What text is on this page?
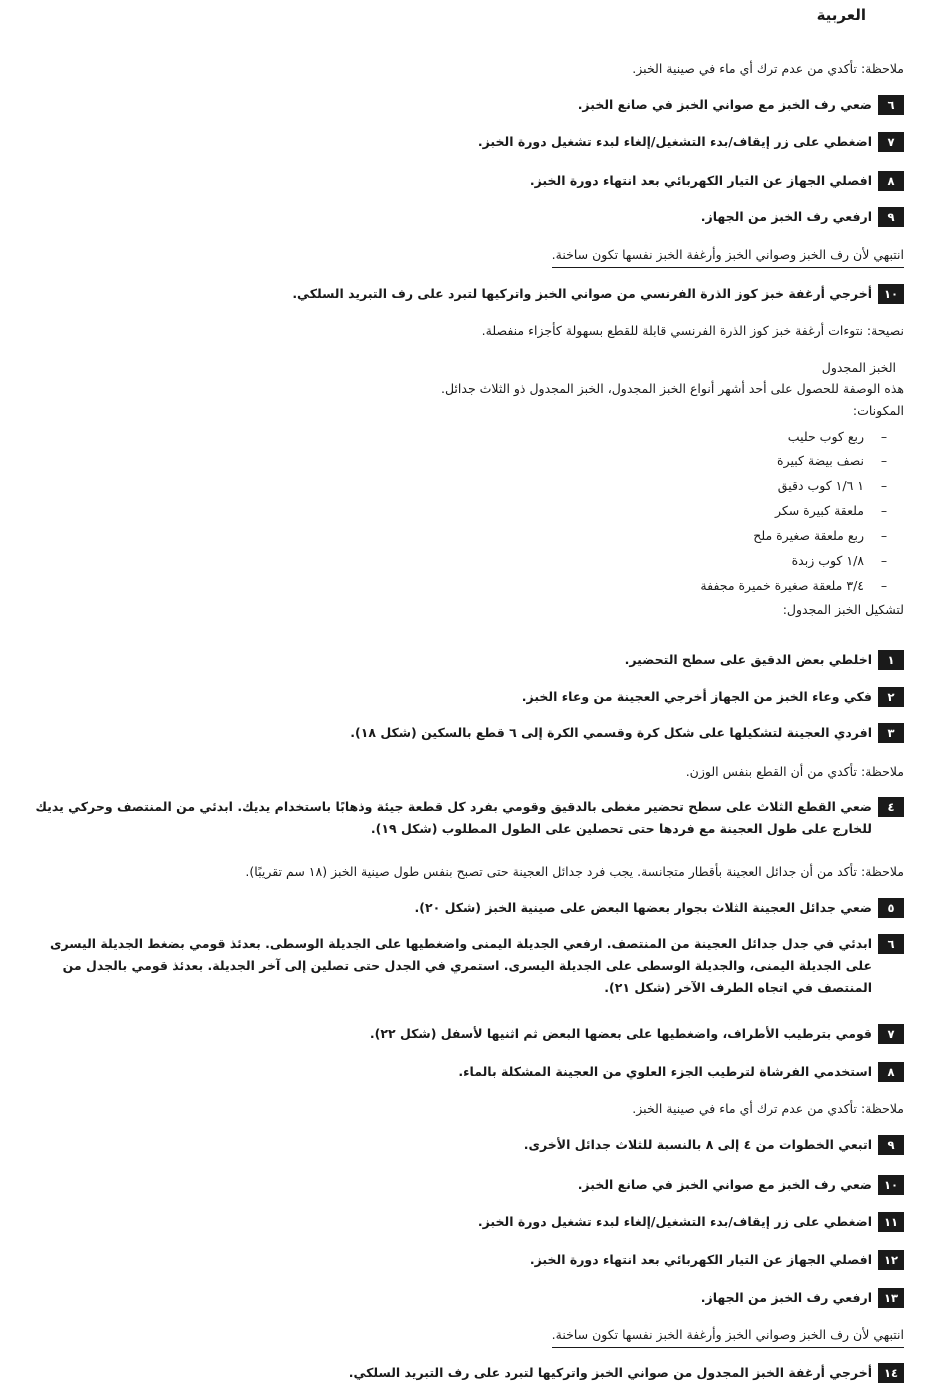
العربية
ملاحظة: تأكدي من عدم ترك أي ماء في صينية الخبز.
٦
ضعي رف الخبز مع صواني الخبز في صانع الخبز.
٧
اضغطي على زر إيقاف/بدء التشغيل/إلغاء لبدء تشغيل دورة الخبز.
٨
افصلي الجهاز عن التيار الكهربائي بعد انتهاء دورة الخبز.
٩
ارفعي رف الخبز من الجهاز.
انتبهي لأن رف الخبز وصواني الخبز وأرغفة الخبز نفسها تكون ساخنة.
١٠
أخرجي أرغفة خبز كوز الذرة الفرنسي من صواني الخبز واتركيها لتبرد على رف التبريد السلكي.
نصيحة: نتوءات أرغفة خبز كوز الذرة الفرنسي قابلة للقطع بسهولة كأجزاء منفصلة.
الخبز المجدول
هذه الوصفة للحصول على أحد أشهر أنواع الخبز المجدول، الخبز المجدول ذو الثلاث جدائل.
المكونات:
–ربع كوب حليب
–نصف بيضة كبيرة
–١ ١/٦ كوب دقيق
–ملعقة كبيرة سكر
–ربع ملعقة صغيرة ملح
–١/٨ كوب زبدة
–٣/٤ ملعقة صغيرة خميرة مجففة
لتشكيل الخبز المجدول:
١
اخلطي بعض الدقيق على سطح التحضير.
٢
فكي وعاء الخبز من الجهاز أخرجي العجينة من وعاء الخبز.
٣
افردي العجينة لتشكيلها على شكل كرة وقسمي الكرة إلى ٦ قطع بالسكين (شكل ١٨).
ملاحظة: تأكدي من أن القطع بنفس الوزن.
٤
ضعي القطع الثلاث على سطح تحضير مغطى بالدقيق وقومي بفرد كل قطعة جيئة وذهابًا باستخدام يديك. ابدئي من المنتصف وحركي يديك للخارج على طول العجينة مع فردها حتى تحصلين على الطول المطلوب (شكل ١٩).
ملاحظة: تأكد من أن جدائل العجينة بأقطار متجانسة. يجب فرد جدائل العجينة حتى تصبح بنفس طول صينية الخبز (١٨ سم تقريبًا).
٥
ضعي جدائل العجينة الثلاث بجوار بعضها البعض على صينية الخبز (شكل ٢٠).
٦
ابدئي في جدل جدائل العجينة من المنتصف. ارفعي الجديلة اليمنى واضغطيها على الجديلة الوسطى. بعدئذ قومي بضغط الجديلة اليسرى على الجديلة اليمنى، والجديلة الوسطى على الجديلة اليسرى. استمري في الجدل حتى تصلين إلى آخر الجديلة. بعدئذ قومي بالجدل من المنتصف في اتجاه الطرف الآخر (شكل ٢١).
٧
قومي بترطيب الأطراف، واضغطيها على بعضها البعض ثم اثنيها لأسفل (شكل ٢٢).
٨
استخدمي الفرشاة لترطيب الجزء العلوي من العجينة المشكلة بالماء.
ملاحظة: تأكدي من عدم ترك أي ماء في صينية الخبز.
٩
اتبعي الخطوات من ٤ إلى ٨ بالنسبة للثلاث جدائل الأخرى.
١٠
ضعي رف الخبز مع صواني الخبز في صانع الخبز.
١١
اضغطي على زر إيقاف/بدء التشغيل/إلغاء لبدء تشغيل دورة الخبز.
١٢
افصلي الجهاز عن التيار الكهربائي بعد انتهاء دورة الخبز.
١٣
ارفعي رف الخبز من الجهاز.
انتبهي لأن رف الخبز وصواني الخبز وأرغفة الخبز نفسها تكون ساخنة.
١٤
أخرجي أرغفة الخبز المجدول من صواني الخبز واتركيها لتبرد على رف التبريد السلكي.
